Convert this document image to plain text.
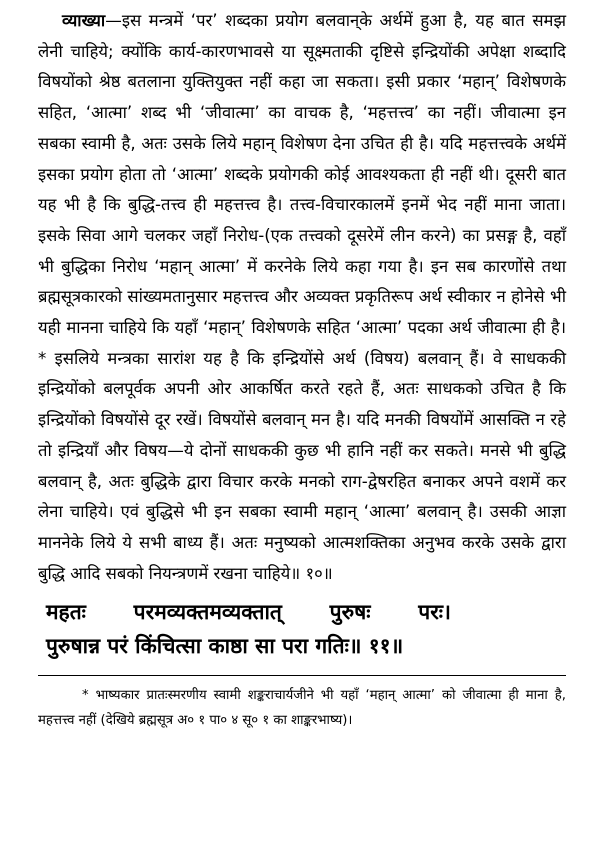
व्याख्या—इस मन्त्रमें ‘पर’ शब्दका प्रयोग बलवान्‌के अर्थमें हुआ है, यह बात समझ लेनी चाहिये; क्योंकि कार्य-कारणभावसे या सूक्ष्मताकी दृष्टिसे इन्द्रियोंकी अपेक्षा शब्दादि विषयोंको श्रेष्ठ बतलाना युक्तियुक्त नहीं कहा जा सकता। इसी प्रकार ‘महान्’ विशेषणके सहित, ‘आत्मा’ शब्द भी ‘जीवात्मा’ का वाचक है, ‘महत्तत्त्व’ का नहीं। जीवात्मा इन सबका स्वामी है, अतः उसके लिये महान् विशेषण देना उचित ही है। यदि महत्तत्त्वके अर्थमें इसका प्रयोग होता तो ‘आत्मा’ शब्दके प्रयोगकी कोई आवश्यकता ही नहीं थी। दूसरी बात यह भी है कि बुद्धि-तत्त्व ही महत्तत्त्व है। तत्त्व-विचारकालमें इनमें भेद नहीं माना जाता। इसके सिवा आगे चलकर जहाँ निरोध-(एक तत्त्वको दूसरेमें लीन करने) का प्रसङ्ग है, वहाँ भी बुद्धिका निरोध ‘महान् आत्मा’ में करनेके लिये कहा गया है। इन सब कारणोंसे तथा ब्रह्मसूत्रकारको सांख्यमतानुसार महत्तत्त्व और अव्यक्त प्रकृतिरूप अर्थ स्वीकार न होनेसे भी यही मानना चाहिये कि यहाँ ‘महान्’ विशेषणके सहित ‘आत्मा’ पदका अर्थ जीवात्मा ही है।* इसलिये मन्त्रका सारांश यह है कि इन्द्रियोंसे अर्थ (विषय) बलवान् हैं। वे साधककी इन्द्रियोंको बलपूर्वक अपनी ओर आकर्षित करते रहते हैं, अतः साधकको उचित है कि इन्द्रियोंको विषयोंसे दूर रखें। विषयोंसे बलवान् मन है। यदि मनकी विषयोंमें आसक्ति न रहे तो इन्द्रियाँ और विषय—ये दोनों साधककी कुछ भी हानि नहीं कर सकते। मनसे भी बुद्धि बलवान् है, अतः बुद्धिके द्वारा विचार करके मनको राग-द्वेषरहित बनाकर अपने वशमें कर लेना चाहिये। एवं बुद्धिसे भी इन सबका स्वामी महान् ‘आत्मा’ बलवान् है। उसकी आज्ञा माननेके लिये ये सभी बाध्य हैं। अतः मनुष्यको आत्मशक्तिका अनुभव करके उसके द्वारा बुद्धि आदि सबको नियन्त्रणमें रखना चाहिये॥ १०॥

महतः परमव्यक्तमव्यक्तात् पुरुषः परः।
पुरुषान्न परं किंचित्सा काष्ठा सा परा गतिः॥ ११॥

* भाष्यकार प्रातःस्मरणीय स्वामी शङ्कराचार्यजीने भी यहाँ ‘महान् आत्मा’ को जीवात्मा ही माना है, महत्तत्त्व नहीं (देखिये ब्रह्मसूत्र अ० १ पा० ४ सू० १ का शाङ्करभाष्य)।
